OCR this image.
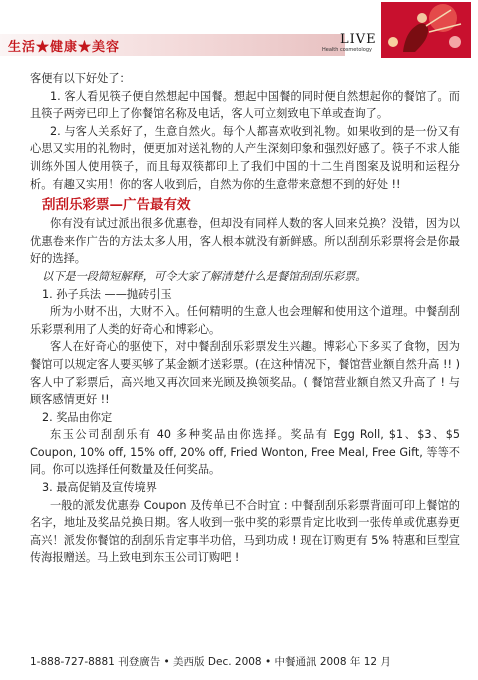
生活★健康★美容
LIVE
Health cosmetology

客便有以下好处了：

1. 客人看见筷子便自然想起中国餐。想起中国餐的同时便自然想起你的餐馆了。而且筷子两旁已印上了你餐馆名称及电话，客人可立刻致电下单或查询了。

2. 与客人关系好了，生意自然火。每个人都喜欢收到礼物。如果收到的是一份又有心思又实用的礼物时，便更加对送礼物的人产生深刻印象和强烈好感了。筷子不求人能训练外国人使用筷子，而且每双筷都印上了我们中国的十二生肖图案及说明和运程分析。有趣又实用！你的客人收到后，自然为你的生意带来意想不到的好处 !!

刮刮乐彩票—广告最有效

你有没有试过派出很多优惠卷，但却没有同样人数的客人回来兑换？没错，因为以优惠卷来作广告的方法太多人用，客人根本就没有新鲜感。所以刮刮乐彩票将会是你最好的选择。

以下是一段简短解释，可令大家了解清楚什么是餐馆刮刮乐彩票。

1. 孙子兵法 ——抛砖引玉

所为小财不出，大财不入。任何精明的生意人也会理解和使用这个道理。中餐刮刮乐彩票利用了人类的好奇心和博彩心。

客人在好奇心的驱使下，对中餐刮刮乐彩票发生兴趣。博彩心下多买了食物，因为餐馆可以规定客人要买够了某金额才送彩票。(在这种情况下，餐馆营业额自然升高 !! ) 客人中了彩票后，高兴地又再次回来光顾及换领奖品。( 餐馆营业额自然又升高了 ! 与顾客感情更好 !!

2. 奖品由你定

东玉公司刮刮乐有 40 多种奖品由你选择。奖品有 Egg Roll, $1、$3、$5 Coupon, 10% off, 15% off, 20% off, Fried Wonton, Free Meal, Free Gift, 等等不同。你可以选择任何数量及任何奖品。

3. 最高促销及宣传境界

一般的派发优惠券 Coupon 及传单已不合时宜 : 中餐刮刮乐彩票背面可印上餐馆的名字，地址及奖品兑换日期。客人收到一张中奖的彩票肯定比收到一张传单或优惠券更高兴！派发你餐馆的刮刮乐肯定事半功倍，马到功成 ! 现在订购更有 5% 特惠和巨型宣传海报赠送。马上致电到东玉公司订购吧 !

1-888-727-8881 刊登廣告 • 美西版 Dec. 2008 • 中餐通訊 2008 年 12 月
